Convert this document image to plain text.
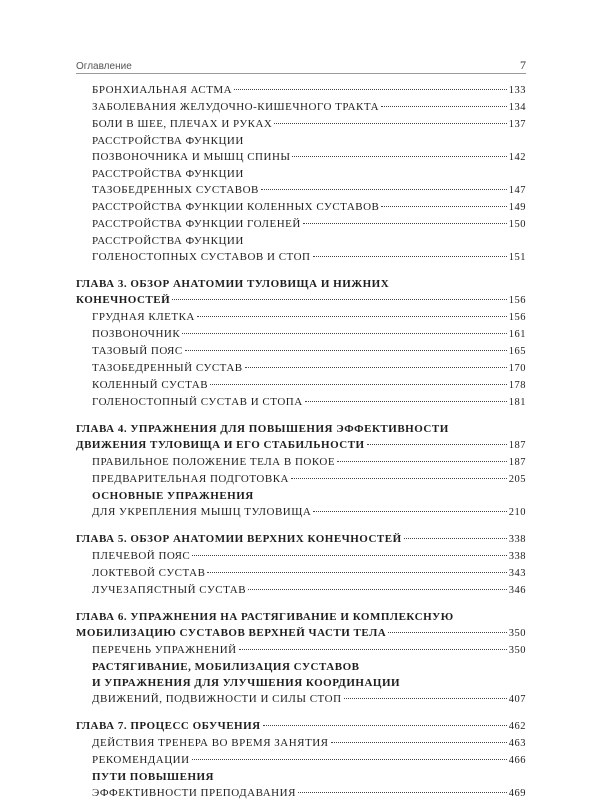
Оглавление	7
БРОНХИАЛЬНАЯ АСТМА	133
ЗАБОЛЕВАНИЯ ЖЕЛУДОЧНО-КИШЕЧНОГО ТРАКТА	134
БОЛИ В ШЕЕ, ПЛЕЧАХ И РУКАХ	137
РАССТРОЙСТВА ФУНКЦИИ
ПОЗВОНОЧНИКА И МЫШЦ СПИНЫ	142
РАССТРОЙСТВА ФУНКЦИИ
ТАЗОБЕДРЕННЫХ СУСТАВОВ	147
РАССТРОЙСТВА ФУНКЦИИ КОЛЕННЫХ СУСТАВОВ	149
РАССТРОЙСТВА ФУНКЦИИ ГОЛЕНЕЙ	150
РАССТРОЙСТВА ФУНКЦИИ
ГОЛЕНОСТОПНЫХ СУСТАВОВ И СТОП	151
ГЛАВА 3. ОБЗОР АНАТОМИИ ТУЛОВИЩА И НИЖНИХ
КОНЕЧНОСТЕЙ	156
ГРУДНАЯ КЛЕТКА	156
ПОЗВОНОЧНИК	161
ТАЗОВЫЙ ПОЯС	165
ТАЗОБЕДРЕННЫЙ СУСТАВ	170
КОЛЕННЫЙ СУСТАВ	178
ГОЛЕНОСТОПНЫЙ СУСТАВ И СТОПА	181
ГЛАВА 4. УПРАЖНЕНИЯ ДЛЯ ПОВЫШЕНИЯ ЭФФЕКТИВНОСТИ
ДВИЖЕНИЯ ТУЛОВИЩА И ЕГО СТАБИЛЬНОСТИ	187
ПРАВИЛЬНОЕ ПОЛОЖЕНИЕ ТЕЛА В ПОКОЕ	187
ПРЕДВАРИТЕЛЬНАЯ ПОДГОТОВКА	205
ОСНОВНЫЕ УПРАЖНЕНИЯ
ДЛЯ УКРЕПЛЕНИЯ МЫШЦ ТУЛОВИЩА	210
ГЛАВА 5. ОБЗОР АНАТОМИИ ВЕРХНИХ КОНЕЧНОСТЕЙ	338
ПЛЕЧЕВОЙ ПОЯС	338
ЛОКТЕВОЙ СУСТАВ	343
ЛУЧЕЗАПЯСТНЫЙ СУСТАВ	346
ГЛАВА 6. УПРАЖНЕНИЯ НА РАСТЯГИВАНИЕ И КОМПЛЕКСНУЮ
МОБИЛИЗАЦИЮ СУСТАВОВ ВЕРХНЕЙ ЧАСТИ ТЕЛА	350
ПЕРЕЧЕНЬ УПРАЖНЕНИЙ	350
РАСТЯГИВАНИЕ, МОБИЛИЗАЦИЯ СУСТАВОВ
И УПРАЖНЕНИЯ ДЛЯ УЛУЧШЕНИЯ КООРДИНАЦИИ
ДВИЖЕНИЙ, ПОДВИЖНОСТИ И СИЛЫ СТОП	407
ГЛАВА 7. ПРОЦЕСС ОБУЧЕНИЯ	462
ДЕЙСТВИЯ ТРЕНЕРА ВО ВРЕМЯ ЗАНЯТИЯ	463
РЕКОМЕНДАЦИИ	466
ПУТИ ПОВЫШЕНИЯ
ЭФФЕКТИВНОСТИ ПРЕПОДАВАНИЯ	469
